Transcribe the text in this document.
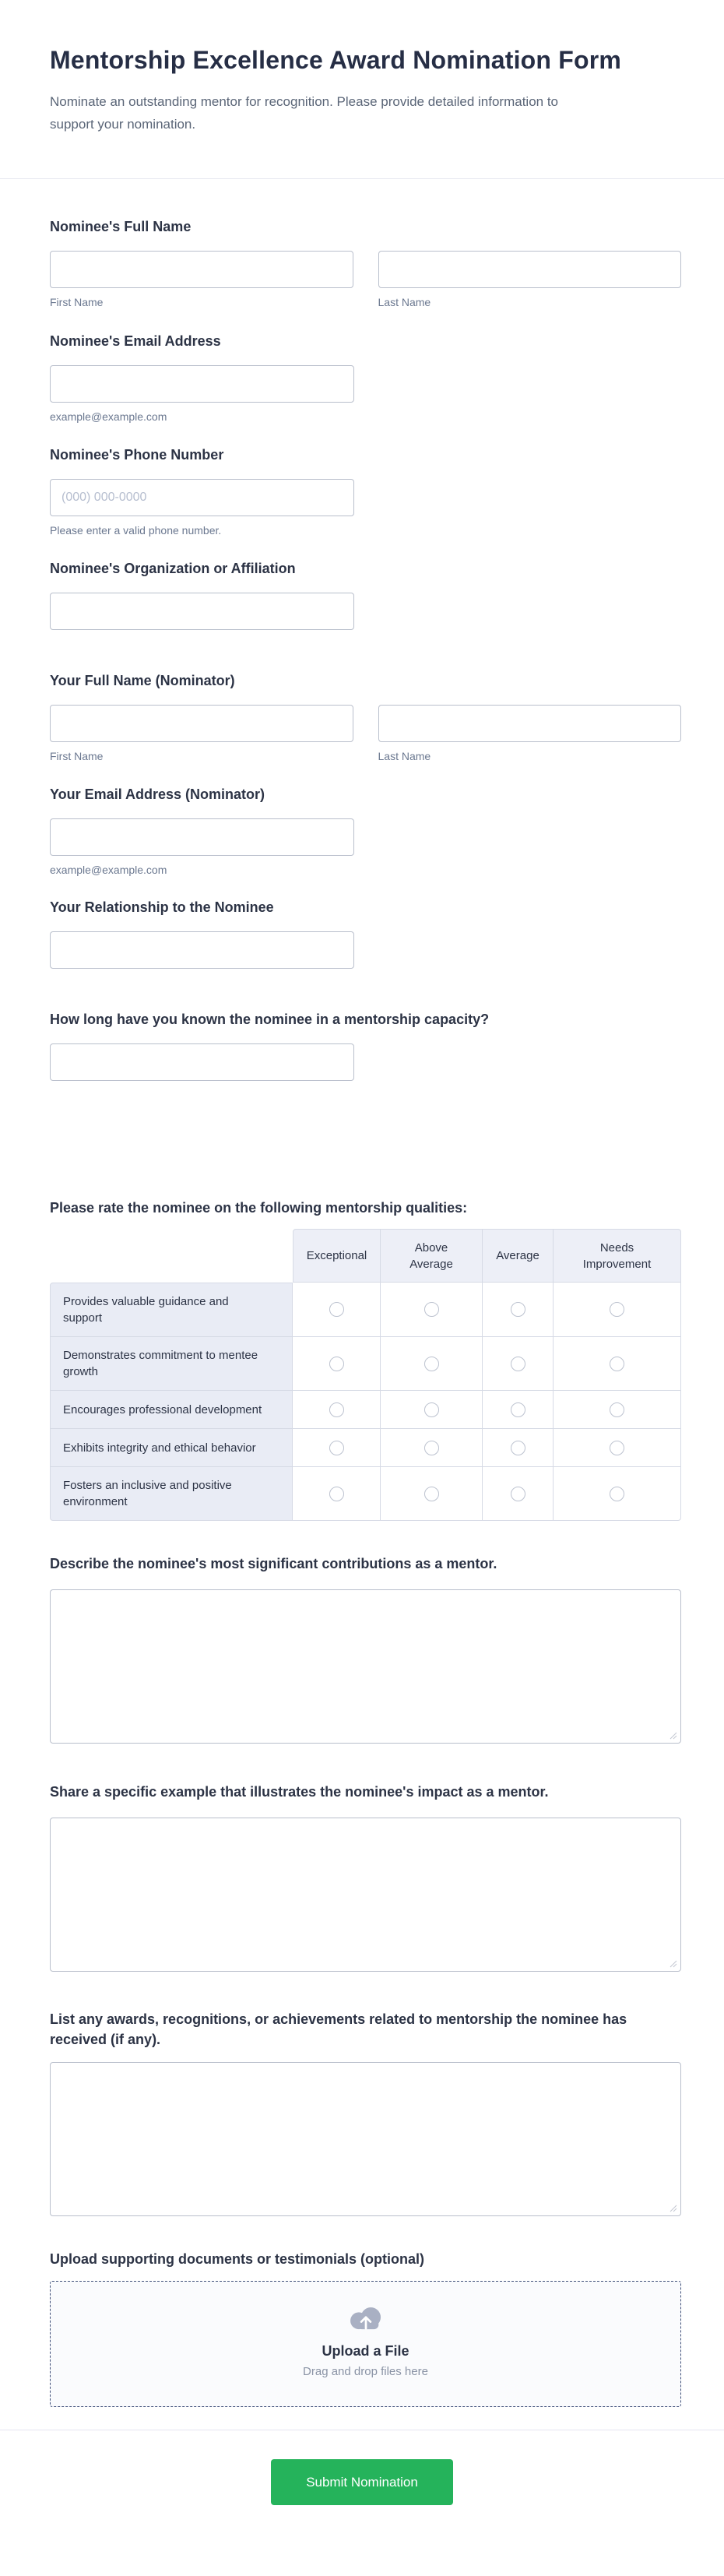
Mentorship Excellence Award Nomination Form
Nominate an outstanding mentor for recognition. Please provide detailed information to support your nomination.
Nominee's Full Name
First Name	Last Name
Nominee's Email Address
example@example.com
Nominee's Phone Number
(000) 000-0000
Please enter a valid phone number.
Nominee's Organization or Affiliation
Your Full Name (Nominator)
First Name	Last Name
Your Email Address (Nominator)
example@example.com
Your Relationship to the Nominee
How long have you known the nominee in a mentorship capacity?
Please rate the nominee on the following mentorship qualities:
	Exceptional	Above Average	Average	Needs Improvement
Provides valuable guidance and support				
Demonstrates commitment to mentee growth				
Encourages professional development				
Exhibits integrity and ethical behavior				
Fosters an inclusive and positive environment				
Describe the nominee's most significant contributions as a mentor.
Share a specific example that illustrates the nominee's impact as a mentor.
List any awards, recognitions, or achievements related to mentorship the nominee has received (if any).
Upload supporting documents or testimonials (optional)
Upload a File
Drag and drop files here
Submit Nomination
